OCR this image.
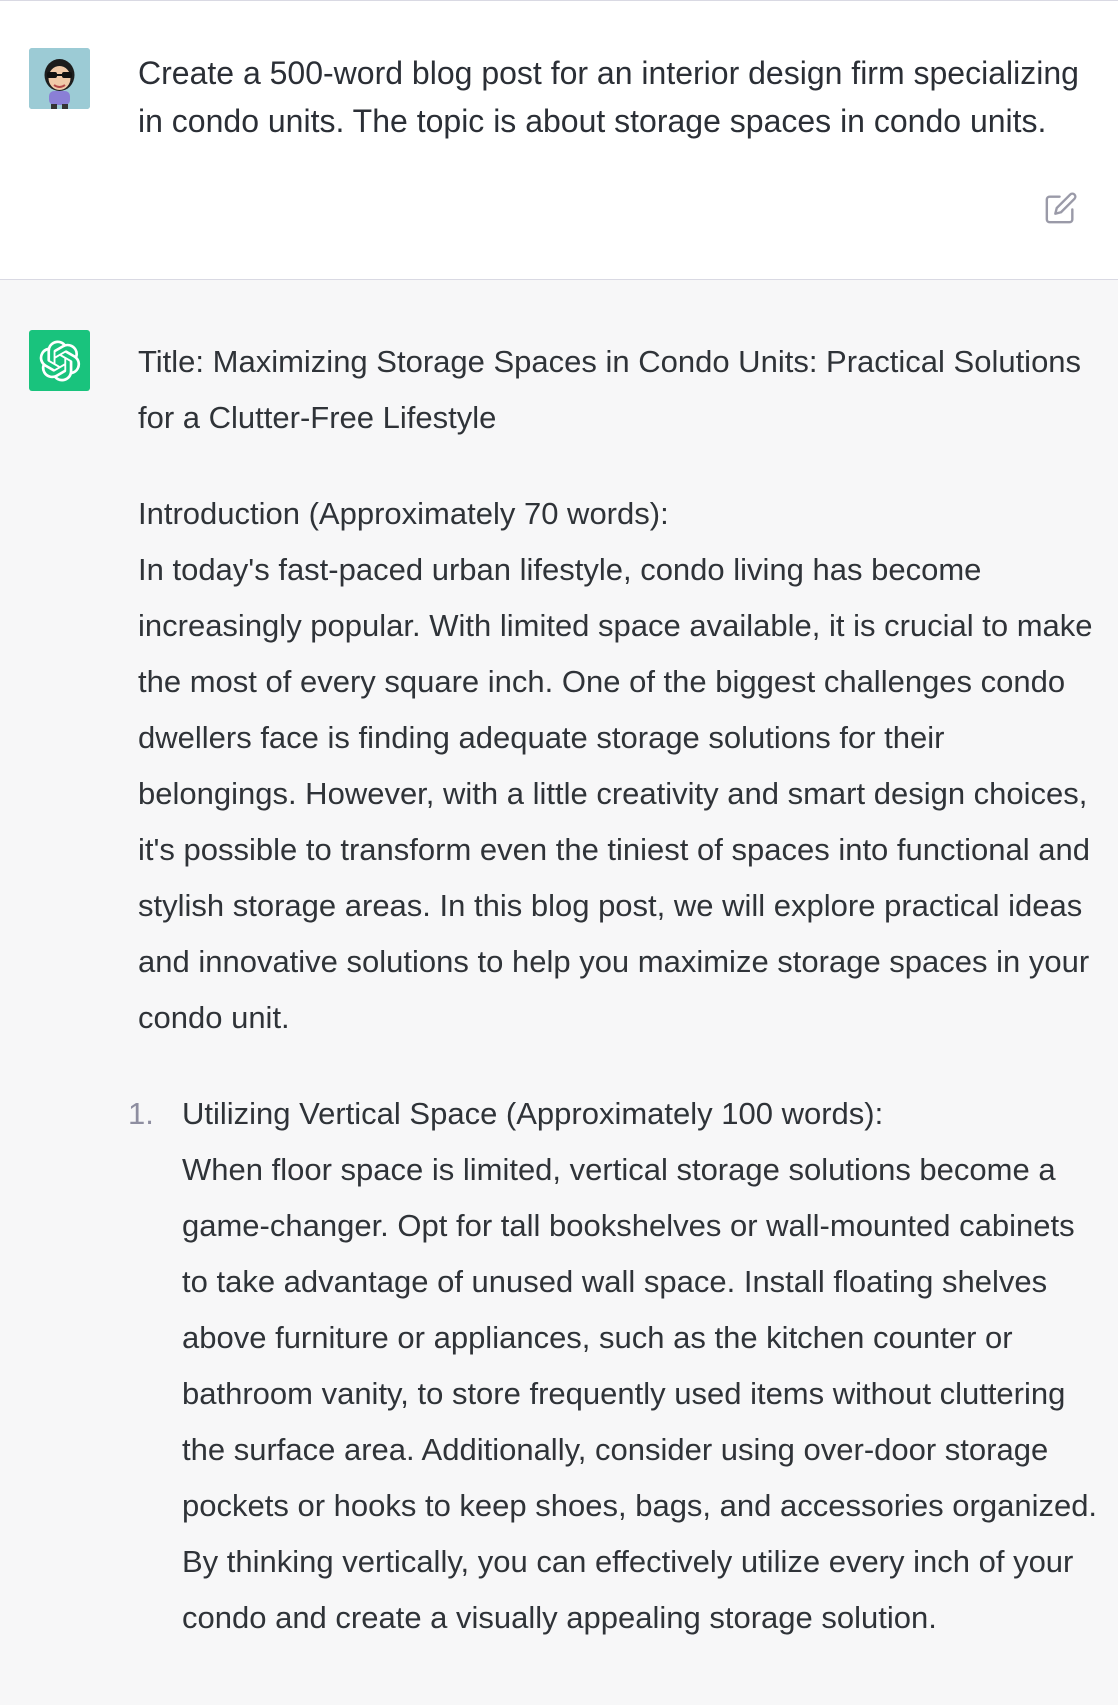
Create a 500-word blog post for an interior design firm specializing in condo units. The topic is about storage spaces in condo units.

Title: Maximizing Storage Spaces in Condo Units: Practical Solutions for a Clutter-Free Lifestyle

Introduction (Approximately 70 words):

In today's fast-paced urban lifestyle, condo living has become increasingly popular. With limited space available, it is crucial to make the most of every square inch. One of the biggest challenges condo dwellers face is finding adequate storage solutions for their belongings. However, with a little creativity and smart design choices, it's possible to transform even the tiniest of spaces into functional and stylish storage areas. In this blog post, we will explore practical ideas and innovative solutions to help you maximize storage spaces in your condo unit.

1. Utilizing Vertical Space (Approximately 100 words):

When floor space is limited, vertical storage solutions become a game-changer. Opt for tall bookshelves or wall-mounted cabinets to take advantage of unused wall space. Install floating shelves above furniture or appliances, such as the kitchen counter or bathroom vanity, to store frequently used items without cluttering the surface area. Additionally, consider using over-door storage pockets or hooks to keep shoes, bags, and accessories organized. By thinking vertically, you can effectively utilize every inch of your condo and create a visually appealing storage solution.
